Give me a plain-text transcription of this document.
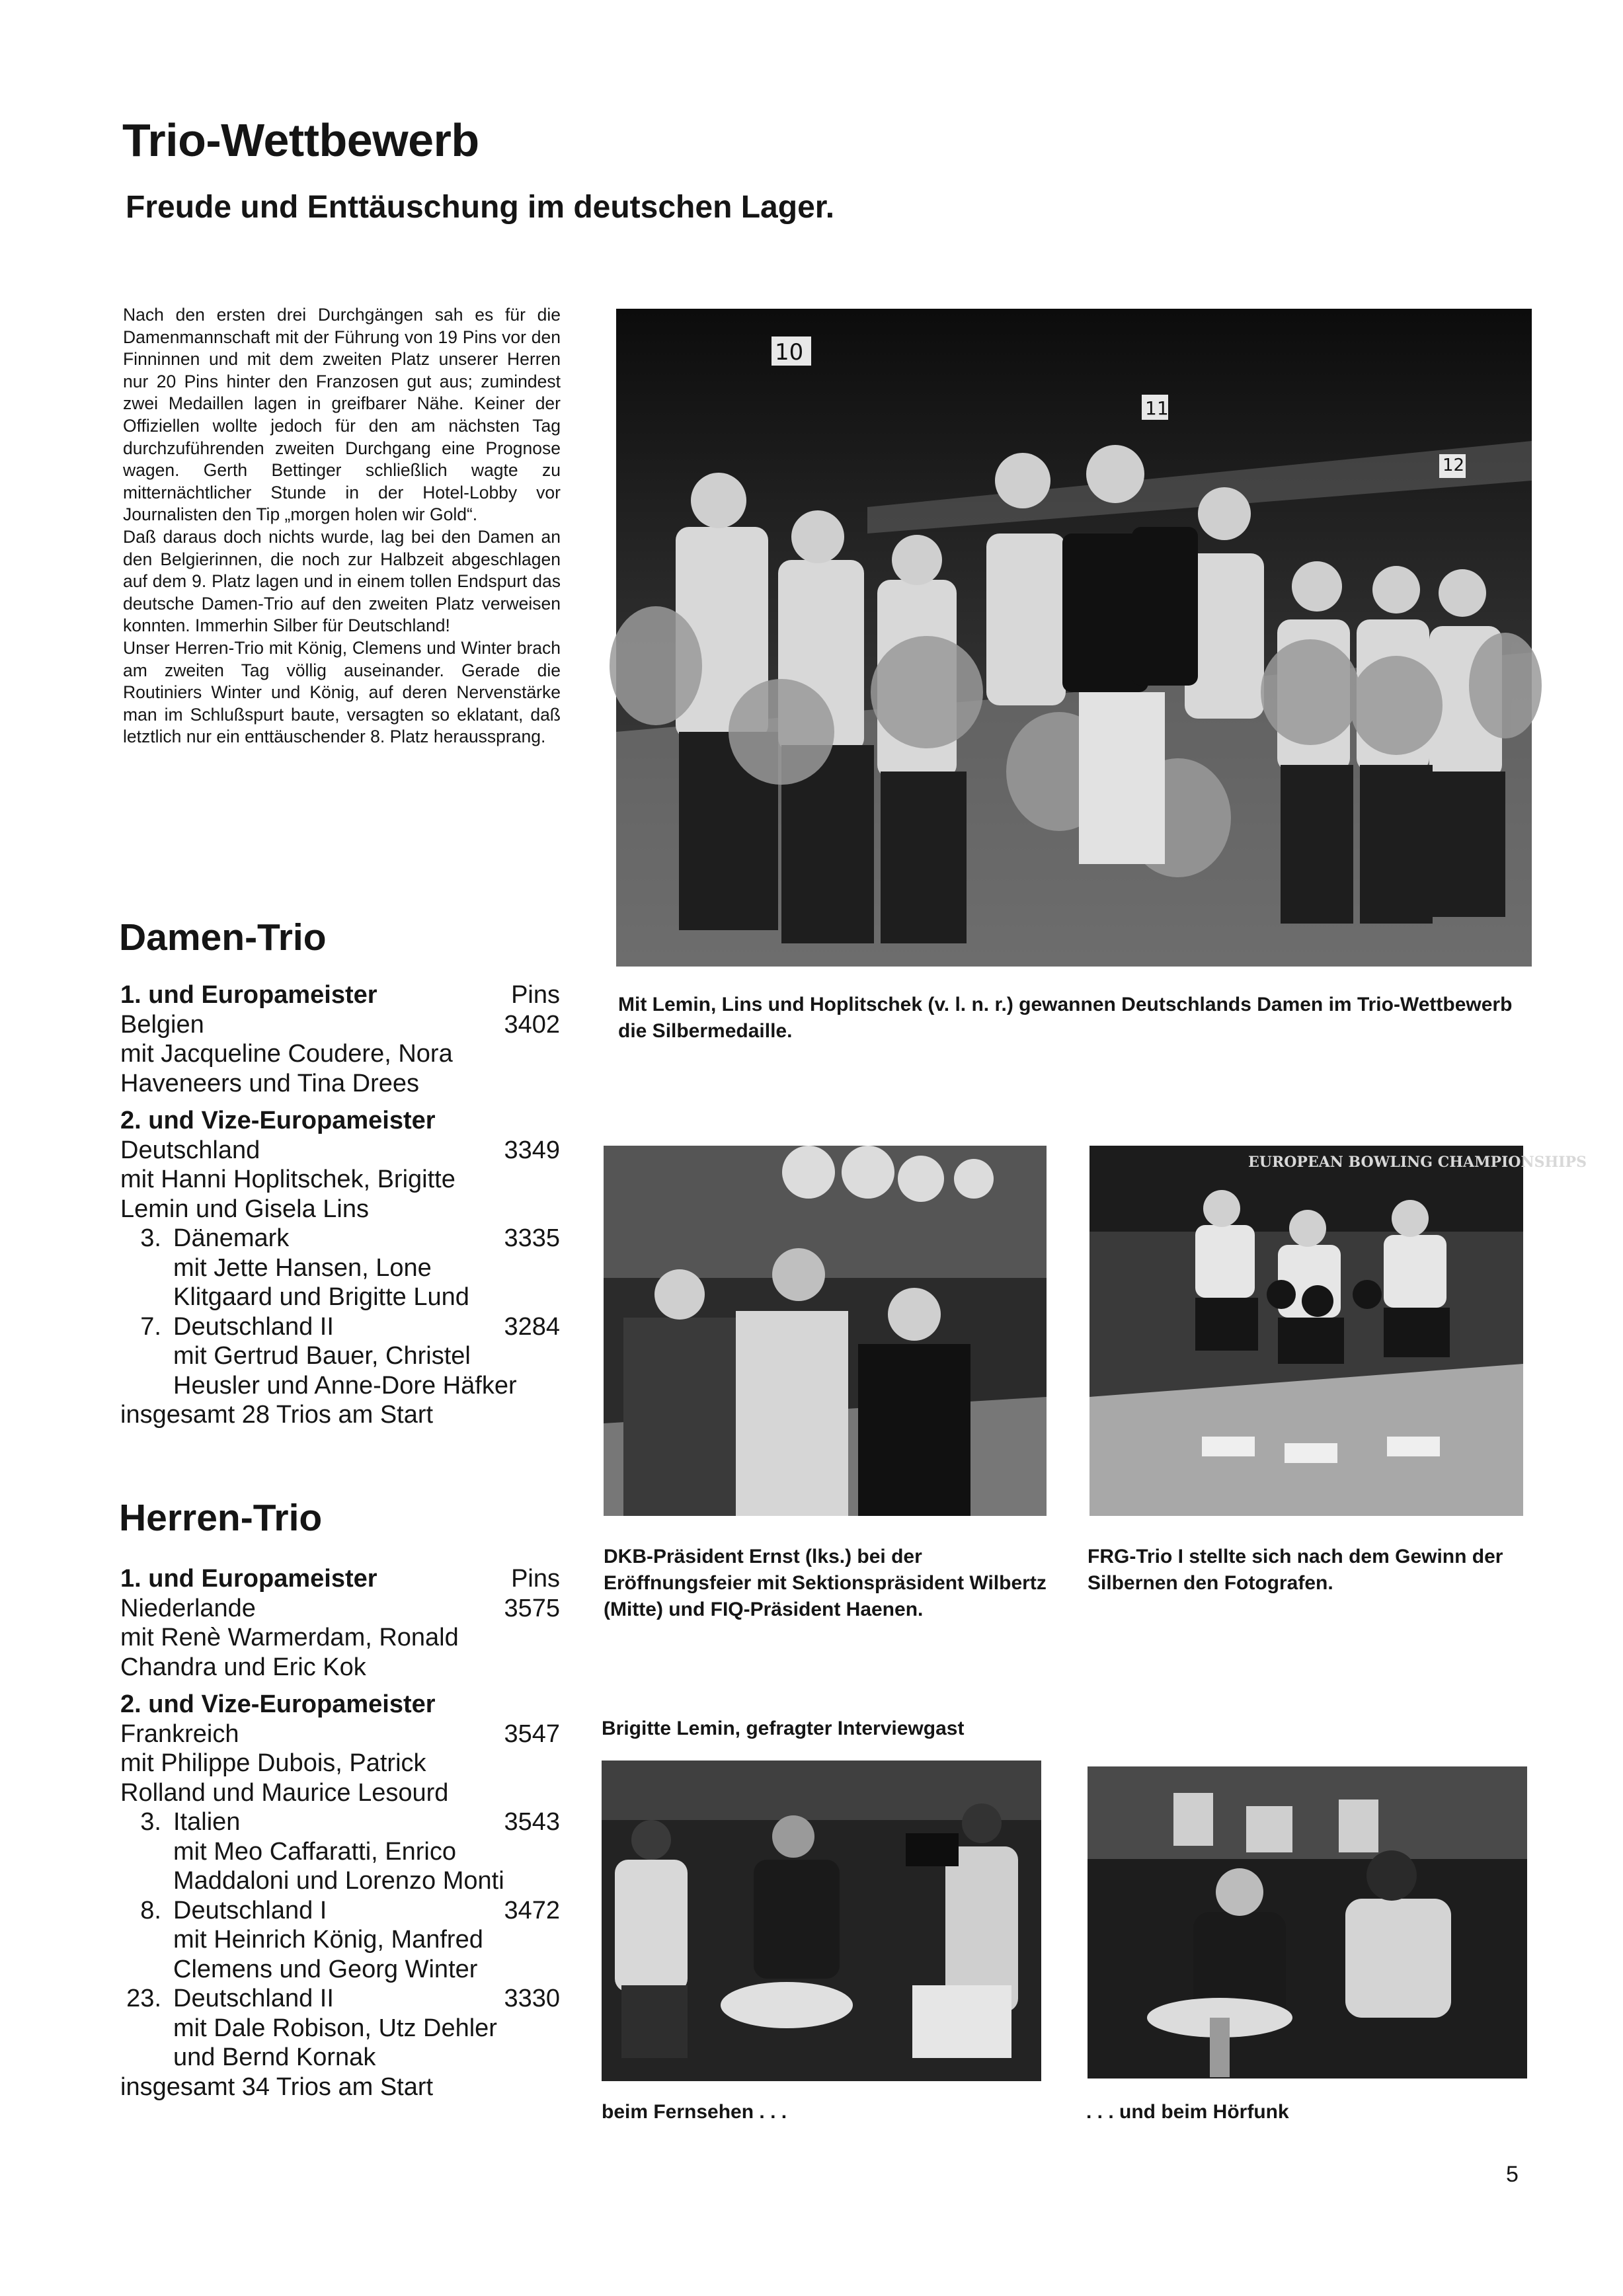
Trio-Wettbewerb
Freude und Enttäuschung im deutschen Lager.

Nach den ersten drei Durchgängen sah es für die Damenmannschaft mit der Führung von 19 Pins vor den Finninnen und mit dem zweiten Platz unserer Herren nur 20 Pins hinter den Franzosen gut aus; zumindest zwei Medaillen lagen in greifbarer Nähe. Keiner der Offiziellen wollte jedoch für den am nächsten Tag durchzuführenden zweiten Durchgang eine Prognose wagen. Gerth Bettinger schließlich wagte zu mitternächtlicher Stunde in der Hotel-Lobby vor Journalisten den Tip „morgen holen wir Gold“.

Daß daraus doch nichts wurde, lag bei den Damen an den Belgierinnen, die noch zur Halbzeit abgeschlagen auf dem 9. Platz lagen und in einem tollen Endspurt das deutsche Damen-Trio auf den zweiten Platz verweisen konnten. Immerhin Silber für Deutschland!

Unser Herren-Trio mit König, Clemens und Winter brach am zweiten Tag völlig auseinander. Gerade die Routiniers Winter und König, auf deren Nervenstärke man im Schlußspurt baute, versagten so eklatant, daß letztlich nur ein enttäuschender 8. Platz heraussprang.

10
11
12
Mit Lemin, Lins und Hoplitschek (v. l. n. r.) gewannen Deutschlands Damen im Trio-Wettbewerb die Silbermedaille.
DKB-Präsident Ernst (lks.) bei der Eröffnungsfeier mit Sektionspräsident Wilbertz (Mitte) und FIQ-Präsident Haenen.
EUROPEAN BOWLING CHAMPIONSHIPS
FRG-Trio I stellte sich nach dem Gewinn der Silbernen den Fotografen.
Brigitte Lemin, gefragter Interviewgast
beim Fernsehen . . .	. . . und beim Hörfunk
Damen-Trio
Pins
1. und Europameister
Belgien	3402
mit Jacqueline Coudere, Nora Haveneers und Tina Drees
2. und Vize-Europameister
Deutschland	3349
mit Hanni Hoplitschek, Brigitte Lemin und Gisela Lins
3. Dänemark	3335
mit Jette Hansen, Lone Klitgaard und Brigitte Lund
7. Deutschland II	3284
mit Gertrud Bauer, Christel Heusler und Anne-Dore Häfker
insgesamt 28 Trios am Start
Herren-Trio
Pins
1. und Europameister
Niederlande	3575
mit Renè Warmerdam, Ronald Chandra und Eric Kok
2. und Vize-Europameister
Frankreich	3547
mit Philippe Dubois, Patrick Rolland und Maurice Lesourd
3. Italien	3543
mit Meo Caffaratti, Enrico Maddaloni und Lorenzo Monti
8. Deutschland I	3472
mit Heinrich König, Manfred Clemens und Georg Winter
23. Deutschland II	3330
mit Dale Robison, Utz Dehler und Bernd Kornak
insgesamt 34 Trios am Start
5
